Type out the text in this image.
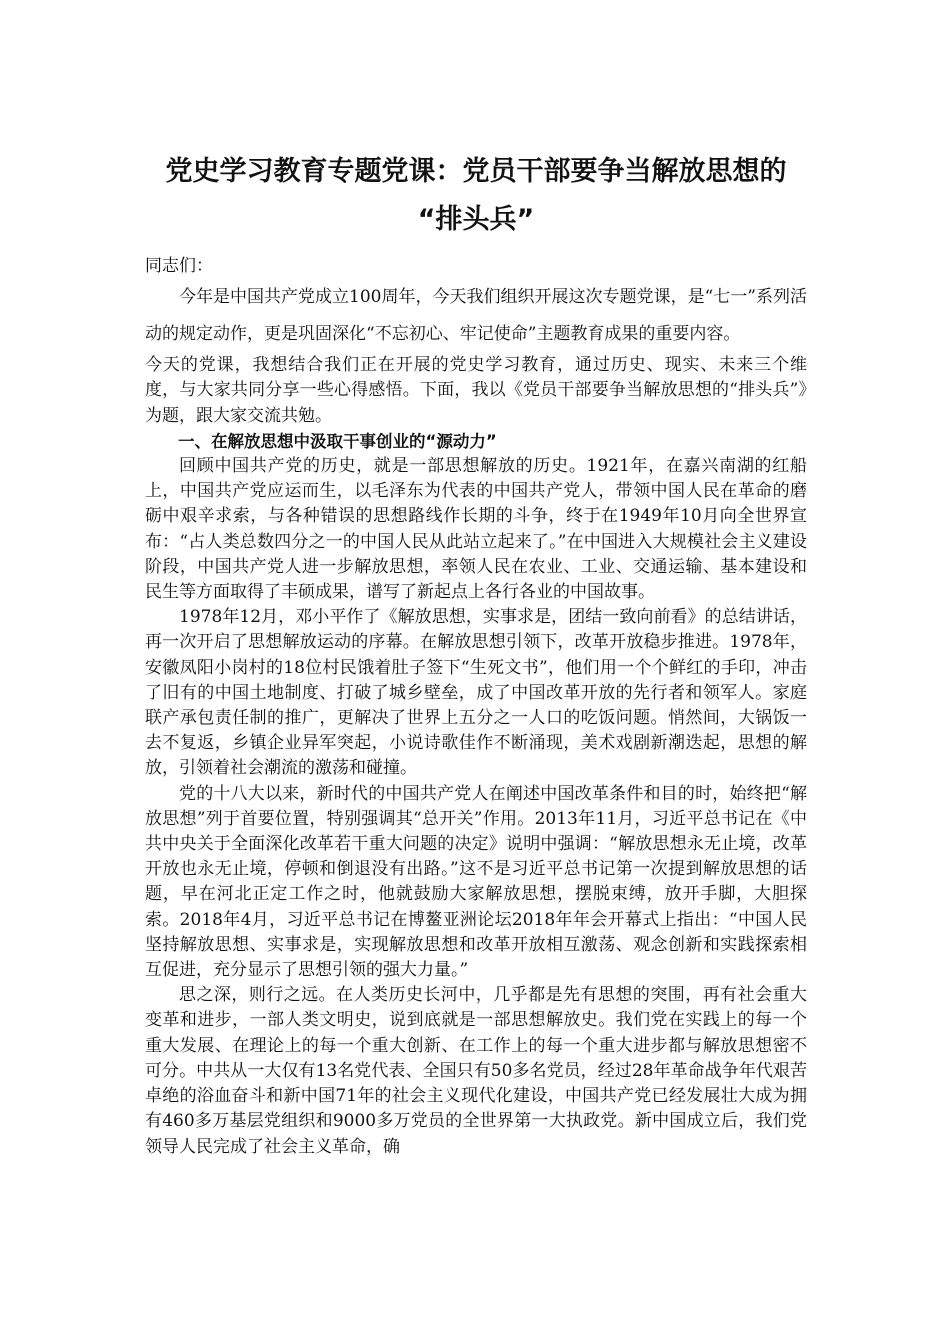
党史学习教育专题党课：党员干部要争当解放思想的
“排头兵”

同志们：

今年是中国共产党成立100周年，今天我们组织开展这次专题党课，是“七一”系列活动的规定动作，更是巩固深化“不忘初心、牢记使命”主题教育成果的重要内容。

今天的党课，我想结合我们正在开展的党史学习教育，通过历史、现实、未来三个维度，与大家共同分享一些心得感悟。下面，我以《党员干部要争当解放思想的“排头兵”》为题，跟大家交流共勉。

一、在解放思想中汲取干事创业的“源动力”

回顾中国共产党的历史，就是一部思想解放的历史。1921年，在嘉兴南湖的红船上，中国共产党应运而生，以毛泽东为代表的中国共产党人，带领中国人民在革命的磨砺中艰辛求索，与各种错误的思想路线作长期的斗争，终于在1949年10月向全世界宣布：“占人类总数四分之一的中国人民从此站立起来了。”在中国进入大规模社会主义建设阶段，中国共产党人进一步解放思想，率领人民在农业、工业、交通运输、基本建设和民生等方面取得了丰硕成果，谱写了新起点上各行各业的中国故事。

1978年12月，邓小平作了《解放思想，实事求是，团结一致向前看》的总结讲话，再一次开启了思想解放运动的序幕。在解放思想引领下，改革开放稳步推进。1978年，安徽凤阳小岗村的18位村民饿着肚子签下“生死文书”，他们用一个个鲜红的手印，冲击了旧有的中国土地制度、打破了城乡壁垒，成了中国改革开放的先行者和领军人。家庭联产承包责任制的推广，更解决了世界上五分之一人口的吃饭问题。悄然间，大锅饭一去不复返，乡镇企业异军突起，小说诗歌佳作不断涌现，美术戏剧新潮迭起，思想的解放，引领着社会潮流的激荡和碰撞。

党的十八大以来，新时代的中国共产党人在阐述中国改革条件和目的时，始终把“解放思想”列于首要位置，特别强调其“总开关”作用。2013年11月，习近平总书记在《中共中央关于全面深化改革若干重大问题的决定》说明中强调：“解放思想永无止境，改革开放也永无止境，停顿和倒退没有出路。”这不是习近平总书记第一次提到解放思想的话题，早在河北正定工作之时，他就鼓励大家解放思想，摆脱束缚，放开手脚，大胆探索。2018年4月，习近平总书记在博鳌亚洲论坛2018年年会开幕式上指出：“中国人民坚持解放思想、实事求是，实现解放思想和改革开放相互激荡、观念创新和实践探索相互促进，充分显示了思想引领的强大力量。”

思之深，则行之远。在人类历史长河中，几乎都是先有思想的突围，再有社会重大变革和进步，一部人类文明史，说到底就是一部思想解放史。我们党在实践上的每一个重大发展、在理论上的每一个重大创新、在工作上的每一个重大进步都与解放思想密不可分。中共从一大仅有13名党代表、全国只有50多名党员，经过28年革命战争年代艰苦卓绝的浴血奋斗和新中国71年的社会主义现代化建设，中国共产党已经发展壮大成为拥有460多万基层党组织和9000多万党员的全世界第一大执政党。新中国成立后，我们党领导人民完成了社会主义革命，确
